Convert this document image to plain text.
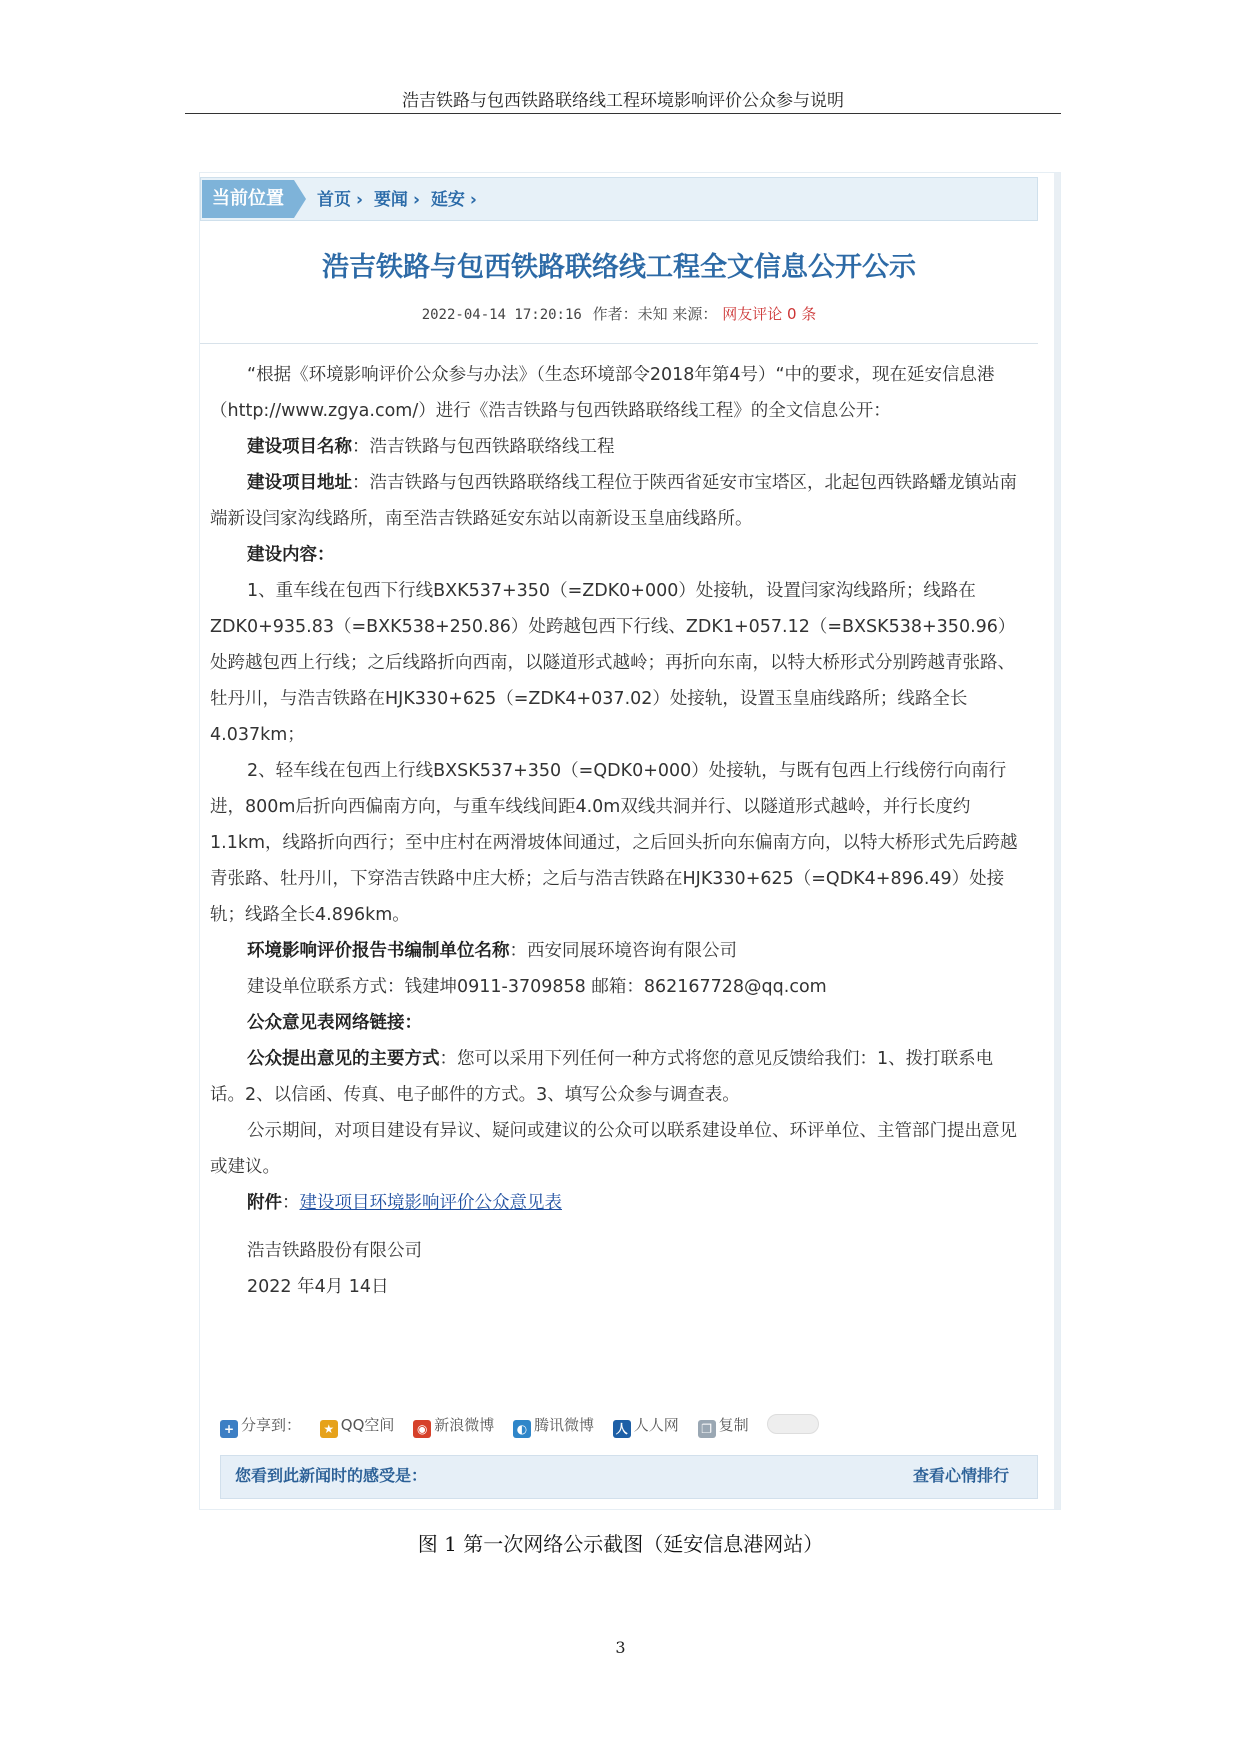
浩吉铁路与包西铁路联络线工程环境影响评价公众参与说明
当前位置	首页 › 要闻 › 延安 ›
浩吉铁路与包西铁路联络线工程全文信息公开公示
2022-04-14 17:20:16 作者：未知 来源： 网友评论 0 条

“根据《环境影响评价公众参与办法》（生态环境部令2018年第4号）“中的要求，现在延安信息港（http://www.zgya.com/）进行《浩吉铁路与包西铁路联络线工程》的全文信息公开：

建设项目名称：浩吉铁路与包西铁路联络线工程

建设项目地址：浩吉铁路与包西铁路联络线工程位于陕西省延安市宝塔区，北起包西铁路蟠龙镇站南端新设闫家沟线路所，南至浩吉铁路延安东站以南新设玉皇庙线路所。

建设内容：

1、重车线在包西下行线BXK537+350（=ZDK0+000）处接轨，设置闫家沟线路所；线路在ZDK0+935.83（=BXK538+250.86）处跨越包西下行线、ZDK1+057.12（=BXSK538+350.96）处跨越包西上行线；之后线路折向西南，以隧道形式越岭；再折向东南，以特大桥形式分别跨越青张路、牡丹川，与浩吉铁路在HJK330+625（=ZDK4+037.02）处接轨，设置玉皇庙线路所；线路全长4.037km；

2、轻车线在包西上行线BXSK537+350（=QDK0+000）处接轨，与既有包西上行线傍行向南行进，800m后折向西偏南方向，与重车线线间距4.0m双线共洞并行、以隧道形式越岭，并行长度约1.1km，线路折向西行；至中庄村在两滑坡体间通过，之后回头折向东偏南方向，以特大桥形式先后跨越青张路、牡丹川，下穿浩吉铁路中庄大桥；之后与浩吉铁路在HJK330+625（=QDK4+896.49）处接轨；线路全长4.896km。

环境影响评价报告书编制单位名称：西安同展环境咨询有限公司

建设单位联系方式：钱建坤0911-3709858 邮箱：862167728@qq.com

公众意见表网络链接：

公众提出意见的主要方式：您可以采用下列任何一种方式将您的意见反馈给我们：1、拨打联系电话。2、以信函、传真、电子邮件的方式。3、填写公众参与调查表。

公示期间，对项目建设有异议、疑问或建议的公众可以联系建设单位、环评单位、主管部门提出意见或建议。

附件：建设项目环境影响评价公众意见表

浩吉铁路股份有限公司

2022 年4月 14日

+ 分享到： ★ QQ空间 ◉ 新浪微博 ◐ 腾讯微博 人 人人网 ❐ 复制
您看到此新闻时的感受是：	查看心情排行
图 1 第一次网络公示截图（延安信息港网站）
3
